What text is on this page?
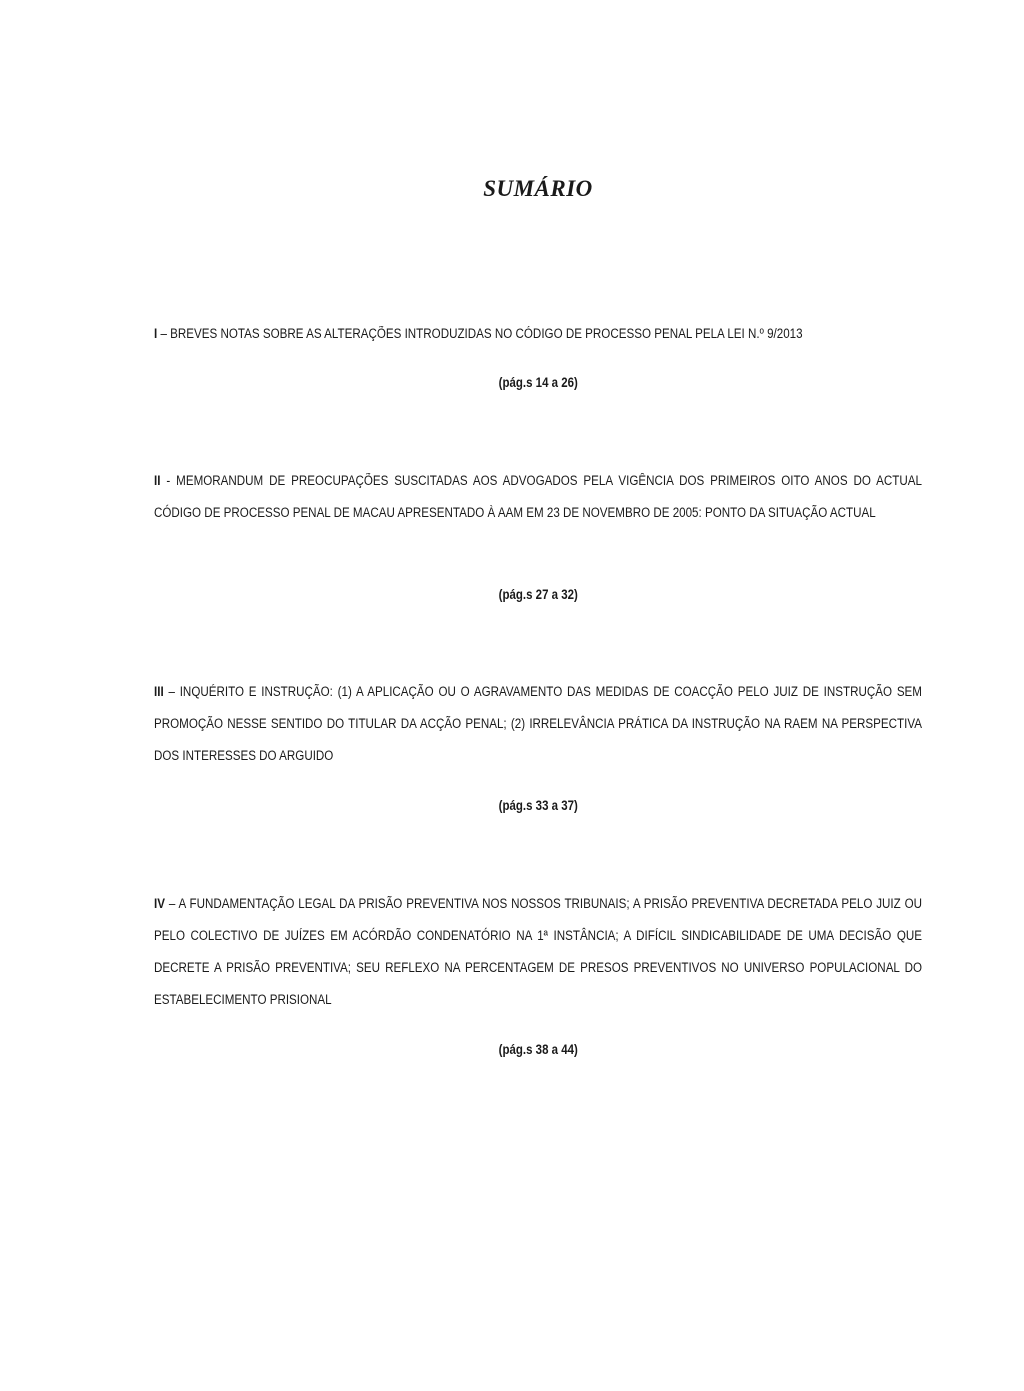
SUMÁRIO
I – BREVES NOTAS SOBRE AS ALTERAÇÕES INTRODUZIDAS NO CÓDIGO DE PROCESSO PENAL PELA LEI N.º 9/2013
(pág.s 14 a 26)
II - MEMORANDUM DE PREOCUPAÇÕES SUSCITADAS AOS ADVOGADOS PELA VIGÊNCIA DOS PRIMEIROS OITO ANOS DO ACTUAL CÓDIGO DE PROCESSO PENAL DE MACAU APRESENTADO À AAM EM 23 DE NOVEMBRO DE 2005: PONTO DA SITUAÇÃO ACTUAL
(pág.s 27 a 32)
III – INQUÉRITO E INSTRUÇÃO: (1) A APLICAÇÃO OU O AGRAVAMENTO DAS MEDIDAS DE COACÇÃO PELO JUIZ DE INSTRUÇÃO SEM PROMOÇÃO NESSE SENTIDO DO TITULAR DA ACÇÃO PENAL; (2) IRRELEVÂNCIA PRÁTICA DA INSTRUÇÃO NA RAEM NA PERSPECTIVA DOS INTERESSES DO ARGUIDO
(pág.s 33 a 37)
IV – A FUNDAMENTAÇÃO LEGAL DA PRISÃO PREVENTIVA NOS NOSSOS TRIBUNAIS; A PRISÃO PREVENTIVA DECRETADA PELO JUIZ OU PELO COLECTIVO DE JUÍZES EM ACÓRDÃO CONDENATÓRIO NA 1ª INSTÂNCIA; A DIFÍCIL SINDICABILIDADE DE UMA DECISÃO QUE DECRETE A PRISÃO PREVENTIVA; SEU REFLEXO NA PERCENTAGEM DE PRESOS PREVENTIVOS NO UNIVERSO POPULACIONAL DO ESTABELECIMENTO PRISIONAL
(pág.s 38 a 44)
